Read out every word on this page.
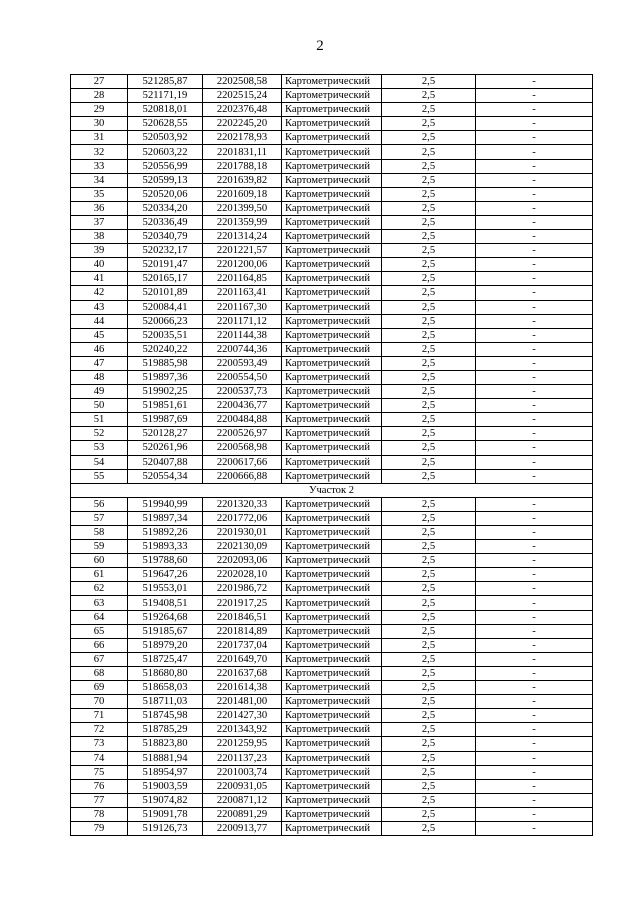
2
27	521285,87	2202508,58	Картометрический	2,5	-
28	521171,19	2202515,24	Картометрический	2,5	-
29	520818,01	2202376,48	Картометрический	2,5	-
30	520628,55	2202245,20	Картометрический	2,5	-
31	520503,92	2202178,93	Картометрический	2,5	-
32	520603,22	2201831,11	Картометрический	2,5	-
33	520556,99	2201788,18	Картометрический	2,5	-
34	520599,13	2201639,82	Картометрический	2,5	-
35	520520,06	2201609,18	Картометрический	2,5	-
36	520334,20	2201399,50	Картометрический	2,5	-
37	520336,49	2201359,99	Картометрический	2,5	-
38	520340,79	2201314,24	Картометрический	2,5	-
39	520232,17	2201221,57	Картометрический	2,5	-
40	520191,47	2201200,06	Картометрический	2,5	-
41	520165,17	2201164,85	Картометрический	2,5	-
42	520101,89	2201163,41	Картометрический	2,5	-
43	520084,41	2201167,30	Картометрический	2,5	-
44	520066,23	2201171,12	Картометрический	2,5	-
45	520035,51	2201144,38	Картометрический	2,5	-
46	520240,22	2200744,36	Картометрический	2,5	-
47	519885,98	2200593,49	Картометрический	2,5	-
48	519897,36	2200554,50	Картометрический	2,5	-
49	519902,25	2200537,73	Картометрический	2,5	-
50	519851,61	2200436,77	Картометрический	2,5	-
51	519987,69	2200484,88	Картометрический	2,5	-
52	520128,27	2200526,97	Картометрический	2,5	-
53	520261,96	2200568,98	Картометрический	2,5	-
54	520407,88	2200617,66	Картометрический	2,5	-
55	520554,34	2200666,88	Картометрический	2,5	-
Участок 2					
56	519940,99	2201320,33	Картометрический	2,5	-
57	519897,34	2201772,06	Картометрический	2,5	-
58	519892,26	2201930,01	Картометрический	2,5	-
59	519893,33	2202130,09	Картометрический	2,5	-
60	519788,60	2202093,06	Картометрический	2,5	-
61	519647,26	2202028,10	Картометрический	2,5	-
62	519553,01	2201986,72	Картометрический	2,5	-
63	519408,51	2201917,25	Картометрический	2,5	-
64	519264,68	2201846,51	Картометрический	2,5	-
65	519185,67	2201814,89	Картометрический	2,5	-
66	518979,20	2201737,04	Картометрический	2,5	-
67	518725,47	2201649,70	Картометрический	2,5	-
68	518680,80	2201637,68	Картометрический	2,5	-
69	518658,03	2201614,38	Картометрический	2,5	-
70	518711,03	2201481,00	Картометрический	2,5	-
71	518745,98	2201427,30	Картометрический	2,5	-
72	518785,29	2201343,92	Картометрический	2,5	-
73	518823,80	2201259,95	Картометрический	2,5	-
74	518881,94	2201137,23	Картометрический	2,5	-
75	518954,97	2201003,74	Картометрический	2,5	-
76	519003,59	2200931,05	Картометрический	2,5	-
77	519074,82	2200871,12	Картометрический	2,5	-
78	519091,78	2200891,29	Картометрический	2,5	-
79	519126,73	2200913,77	Картометрический	2,5	-
